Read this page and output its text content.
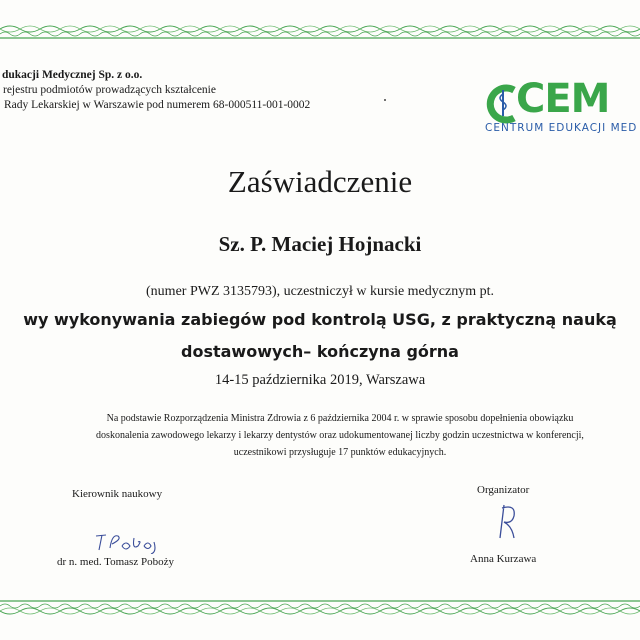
dukacji Medycznej Sp. z o.o.
rejestru podmiotów prowadzących kształcenie
Rady Lekarskiej w Warszawie pod numerem 68-000511-001-0002	CEM
CENTRUM EDUKACJI MED
Zaświadczenie
Sz. P. Maciej Hojnacki
(numer PWZ 3135793), uczestniczył w kursie medycznym pt.
wy wykonywania zabiegów pod kontrolą USG, z praktyczną nauką
dostawowych– kończyna górna
14-15 października 2019, Warszawa
Na podstawie Rozporządzenia Ministra Zdrowia z 6 października 2004 r. w sprawie sposobu dopełnienia obowiązku
doskonalenia zawodowego lekarzy i lekarzy dentystów oraz udokumentowanej liczby godzin uczestnictwa w konferencji,
uczestnikowi przysługuje 17 punktów edukacyjnych.
Kierownik naukowy
dr n. med. Tomasz Poboży
Organizator
Anna Kurzawa
